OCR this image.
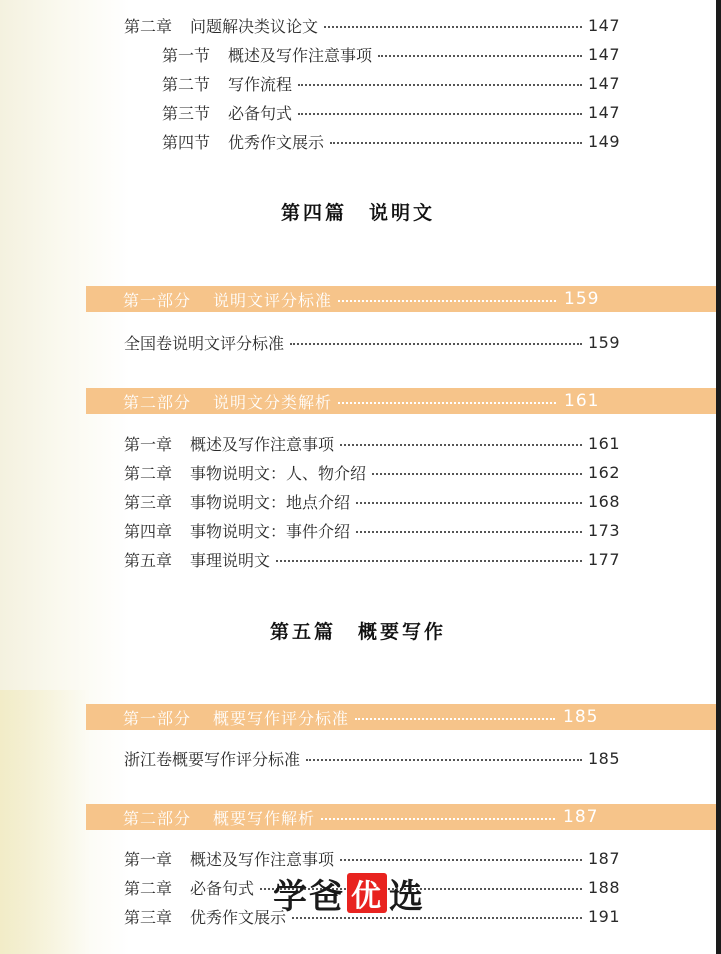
第二章 问题解决类议论文	147
第一节 概述及写作注意事项	147
第二节 写作流程	147
第三节 必备句式	147
第四节 优秀作文展示	149
第四篇 说明文
第一部分 说明文评分标准	159
全国卷说明文评分标准	159
第二部分 说明文分类解析	161
第一章 概述及写作注意事项	161
第二章 事物说明文：人、物介绍	162
第三章 事物说明文：地点介绍	168
第四章 事物说明文：事件介绍	173
第五章 事理说明文	177
第五篇 概要写作
第一部分 概要写作评分标准	185
浙江卷概要写作评分标准	185
第二部分 概要写作解析	187
第一章 概述及写作注意事项	187
第二章 必备句式	188
第三章 优秀作文展示	191
学爸 优 选
